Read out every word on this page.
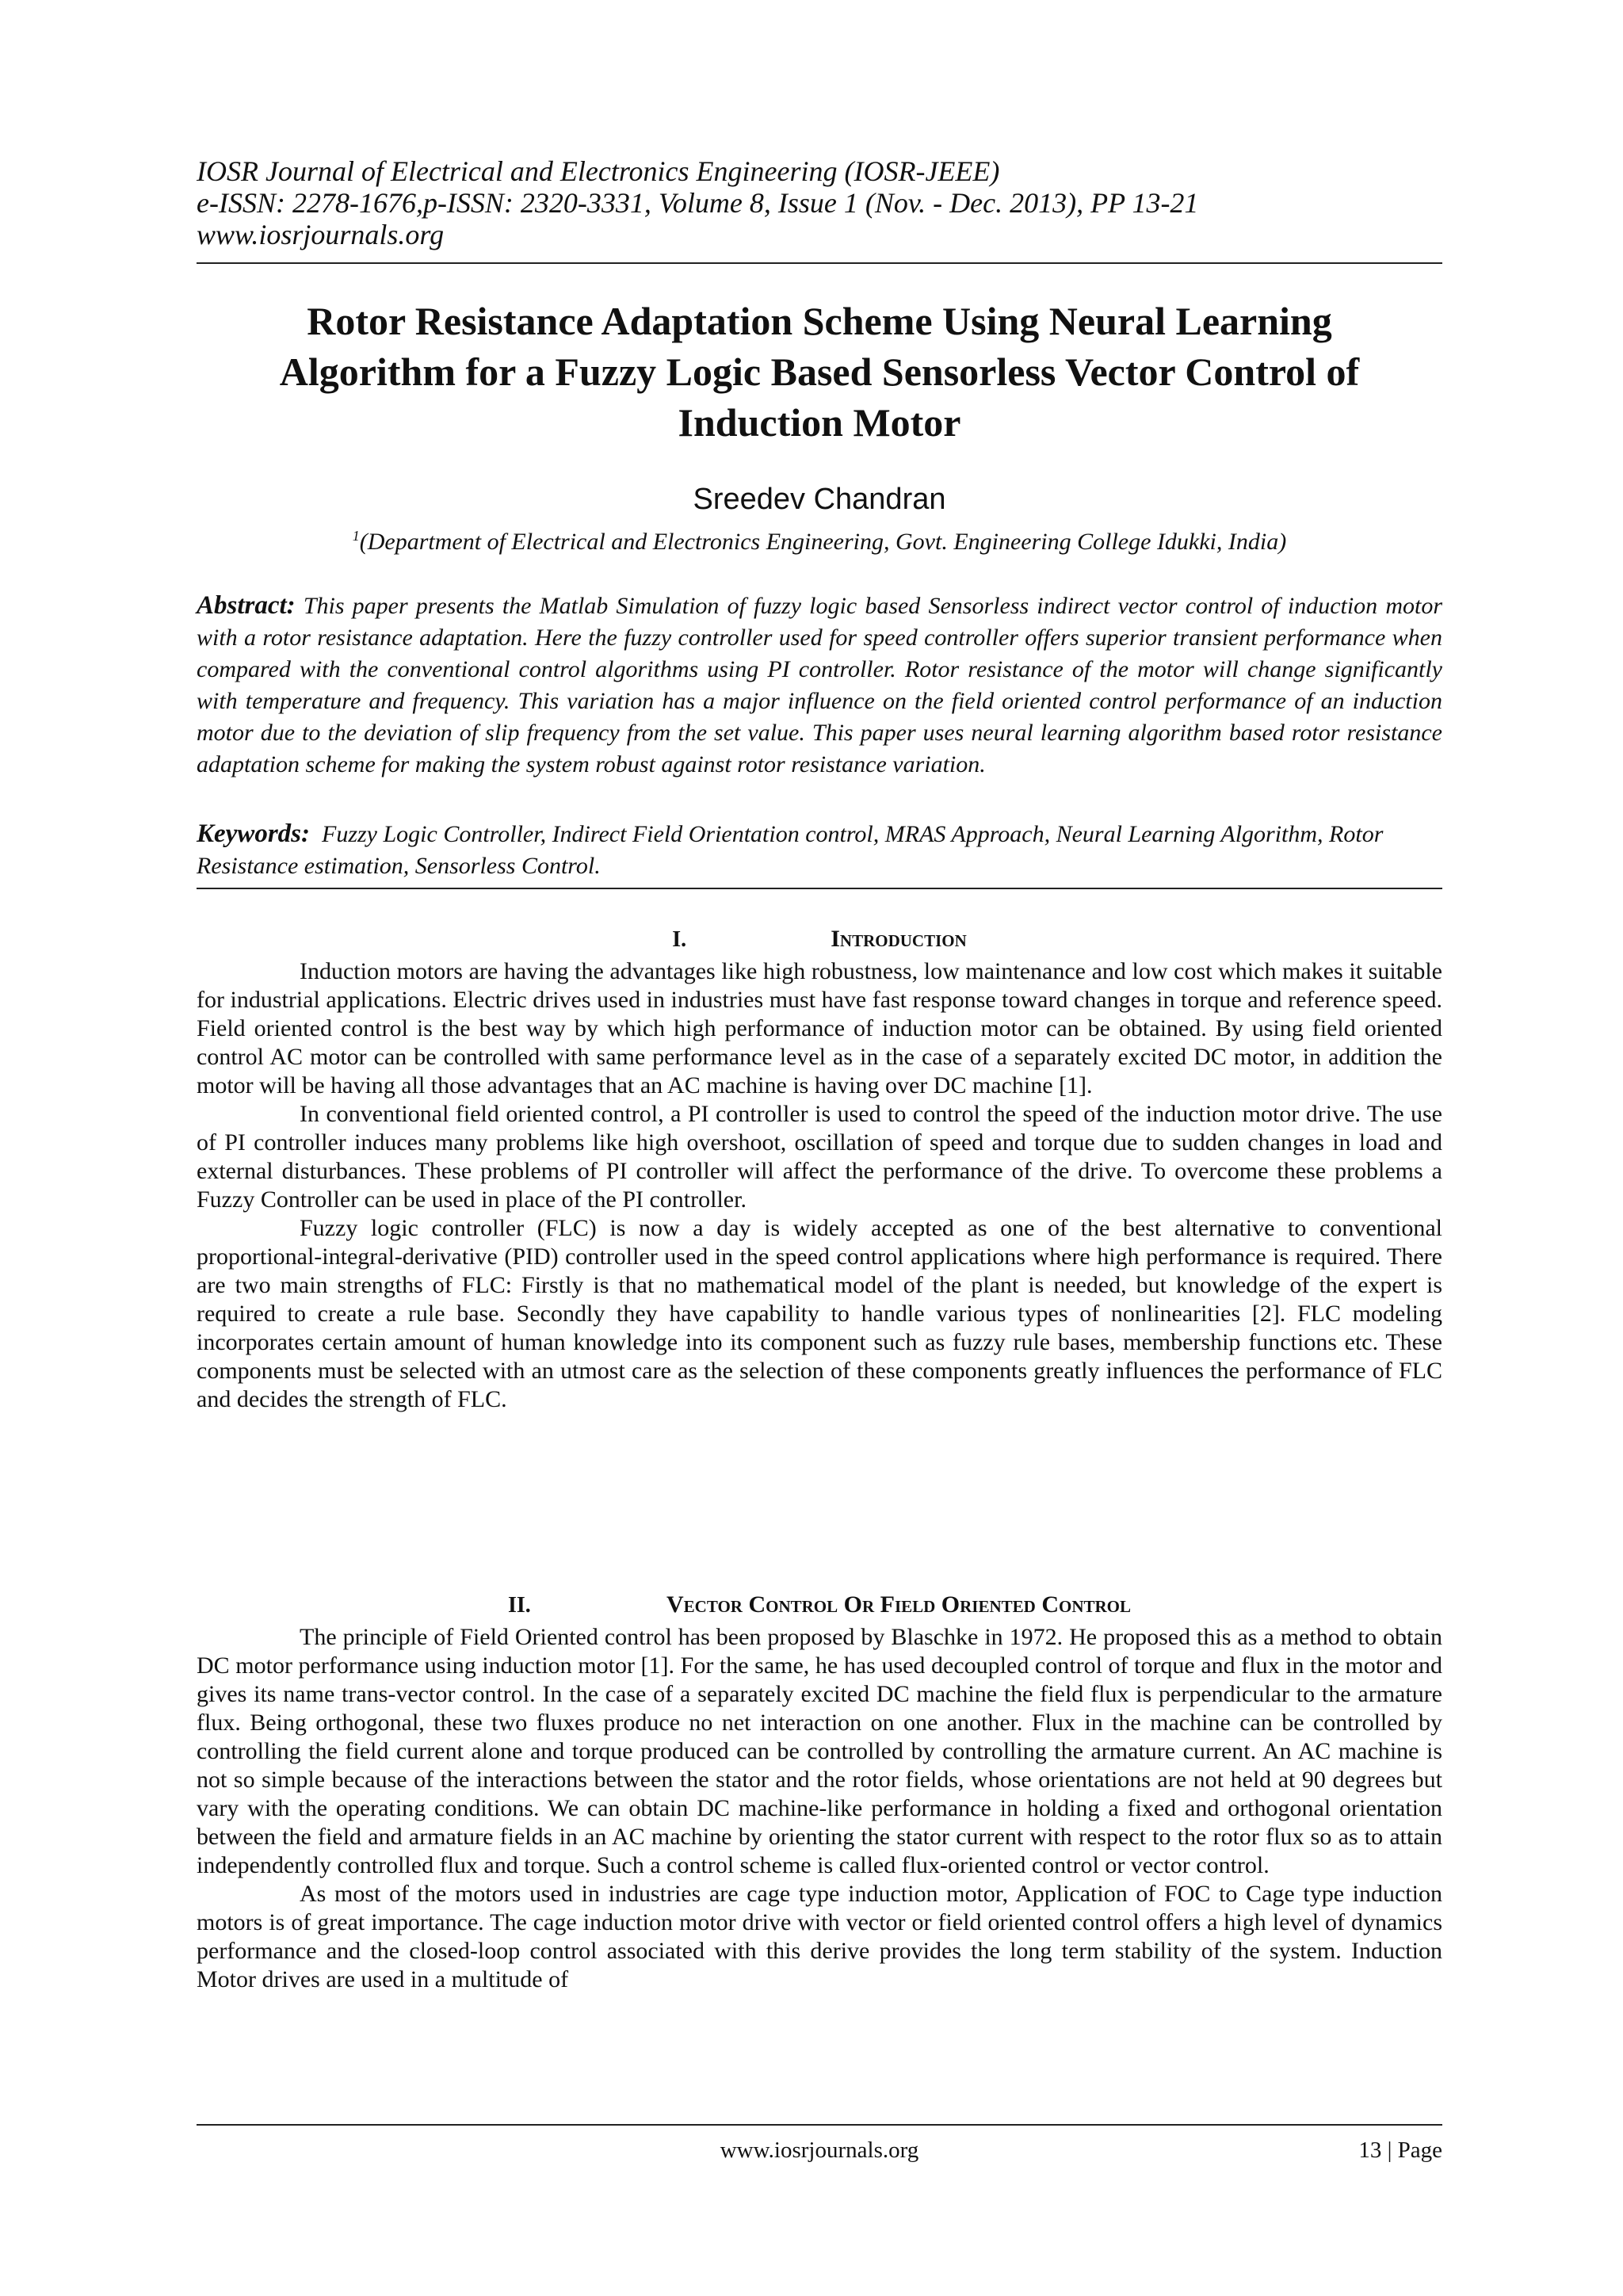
IOSR Journal of Electrical and Electronics Engineering (IOSR-JEEE)
e-ISSN: 2278-1676,p-ISSN: 2320-3331, Volume 8, Issue 1 (Nov. - Dec. 2013), PP 13-21
www.iosrjournals.org
Rotor Resistance Adaptation Scheme Using Neural Learning
Algorithm for a Fuzzy Logic Based Sensorless Vector Control of
Induction Motor
Sreedev Chandran
$^1$(Department of Electrical and Electronics Engineering, Govt. Engineering College Idukki, India)
Abstract: This paper presents the Matlab Simulation of fuzzy logic based Sensorless indirect vector control of induction motor with a rotor resistance adaptation. Here the fuzzy controller used for speed controller offers superior transient performance when compared with the conventional control algorithms using PI controller. Rotor resistance of the motor will change significantly with temperature and frequency. This variation has a major influence on the field oriented control performance of an induction motor due to the deviation of slip frequency from the set value. This paper uses neural learning algorithm based rotor resistance adaptation scheme for making the system robust against rotor resistance variation.
Keywords: Fuzzy Logic Controller, Indirect Field Orientation control, MRAS Approach, Neural Learning Algorithm, Rotor Resistance estimation, Sensorless Control.
I.	Introduction

Induction motors are having the advantages like high robustness, low maintenance and low cost which makes it suitable for industrial applications. Electric drives used in industries must have fast response toward changes in torque and reference speed. Field oriented control is the best way by which high performance of induction motor can be obtained. By using field oriented control AC motor can be controlled with same performance level as in the case of a separately excited DC motor, in addition the motor will be having all those advantages that an AC machine is having over DC machine [1].

In conventional field oriented control, a PI controller is used to control the speed of the induction motor drive. The use of PI controller induces many problems like high overshoot, oscillation of speed and torque due to sudden changes in load and external disturbances. These problems of PI controller will affect the performance of the drive. To overcome these problems a Fuzzy Controller can be used in place of the PI controller.

Fuzzy logic controller (FLC) is now a day is widely accepted as one of the best alternative to conventional proportional-integral-derivative (PID) controller used in the speed control applications where high performance is required. There are two main strengths of FLC: Firstly is that no mathematical model of the plant is needed, but knowledge of the expert is required to create a rule base. Secondly they have capability to handle various types of nonlinearities [2]. FLC modeling incorporates certain amount of human knowledge into its component such as fuzzy rule bases, membership functions etc. These components must be selected with an utmost care as the selection of these components greatly influences the performance of FLC and decides the strength of FLC.

II.	Vector Control Or Field Oriented Control

The principle of Field Oriented control has been proposed by Blaschke in 1972. He proposed this as a method to obtain DC motor performance using induction motor [1]. For the same, he has used decoupled control of torque and flux in the motor and gives its name trans-vector control. In the case of a separately excited DC machine the field flux is perpendicular to the armature flux. Being orthogonal, these two fluxes produce no net interaction on one another. Flux in the machine can be controlled by controlling the field current alone and torque produced can be controlled by controlling the armature current. An AC machine is not so simple because of the interactions between the stator and the rotor fields, whose orientations are not held at 90 degrees but vary with the operating conditions. We can obtain DC machine-like performance in holding a fixed and orthogonal orientation between the field and armature fields in an AC machine by orienting the stator current with respect to the rotor flux so as to attain independently controlled flux and torque. Such a control scheme is called flux-oriented control or vector control.

As most of the motors used in industries are cage type induction motor, Application of FOC to Cage type induction motors is of great importance. The cage induction motor drive with vector or field oriented control offers a high level of dynamics performance and the closed-loop control associated with this derive provides the long term stability of the system. Induction Motor drives are used in a multitude of

www.iosrjournals.org	13 | Page
